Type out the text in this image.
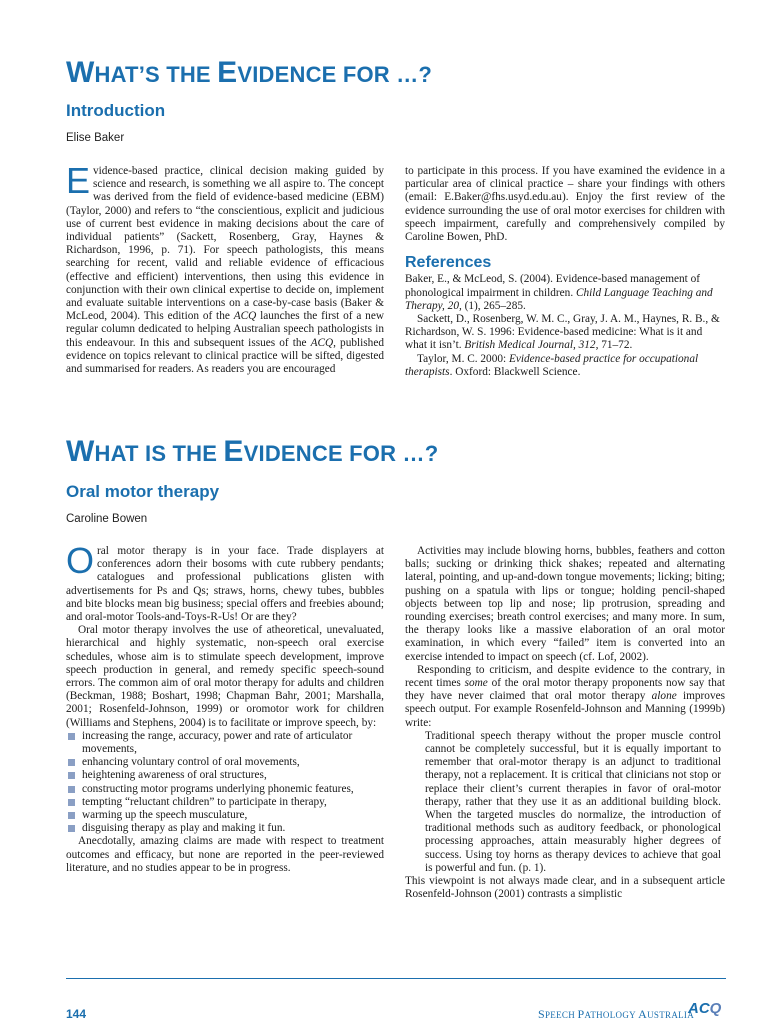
WHAT’S THE EVIDENCE FOR …?
Introduction
Elise Baker

Evidence-based practice, clinical decision making guided by science and research, is something we all aspire to. The concept was derived from the field of evidence-based medicine (EBM) (Taylor, 2000) and refers to “the conscientious, explicit and judicious use of current best evidence in making decisions about the care of individual patients” (Sackett, Rosenberg, Gray, Haynes & Richardson, 1996, p. 71). For speech pathologists, this means searching for recent, valid and reliable evidence of efficacious (effective and efficient) interventions, then using this evidence in conjunction with their own clinical expertise to decide on, implement and evaluate suitable interventions on a case-by-case basis (Baker & McLeod, 2004). This edition of the ACQ launches the first of a new regular column dedicated to helping Australian speech pathologists in this endeavour. In this and subsequent issues of the ACQ, published evidence on topics relevant to clinical practice will be sifted, digested and summarised for readers. As readers you are encouraged

to participate in this process. If you have examined the evidence in a particular area of clinical practice – share your findings with others (email: E.Baker@fhs.usyd.edu.au). Enjoy the first review of the evidence surrounding the use of oral motor exercises for children with speech impairment, carefully and comprehensively compiled by Caroline Bowen, PhD.

References

Baker, E., & McLeod, S. (2004). Evidence-based management of phonological impairment in children. Child Language Teaching and Therapy, 20, (1), 265–285.

Sackett, D., Rosenberg, W. M. C., Gray, J. A. M., Haynes, R. B., & Richardson, W. S. 1996: Evidence-based medicine: What is it and what it isn’t. British Medical Journal, 312, 71–72.

Taylor, M. C. 2000: Evidence-based practice for occupational therapists. Oxford: Blackwell Science.

WHAT IS THE EVIDENCE FOR …?
Oral motor therapy
Caroline Bowen

Oral motor therapy is in your face. Trade displayers at conferences adorn their bosoms with cute rubbery pendants; catalogues and professional publications glisten with advertisements for Ps and Qs; straws, horns, chewy tubes, bubbles and bite blocks mean big business; special offers and freebies abound; and oral-motor Tools-and-Toys-R-Us! Or are they?

Oral motor therapy involves the use of atheoretical, unevaluated, hierarchical and highly systematic, non-speech oral exercise schedules, whose aim is to stimulate speech development, improve speech production in general, and remedy specific speech-sound errors. The common aim of oral motor therapy for adults and children (Beckman, 1988; Boshart, 1998; Chapman Bahr, 2001; Marshalla, 2001; Rosenfeld-Johnson, 1999) or oromotor work for children (Williams and Stephens, 2004) is to facilitate or improve speech, by:

increasing the range, accuracy, power and rate of articulator movements,
enhancing voluntary control of oral movements,
heightening awareness of oral structures,
constructing motor programs underlying phonemic features,
tempting “reluctant children” to participate in therapy,
warming up the speech musculature,
disguising therapy as play and making it fun.

Anecdotally, amazing claims are made with respect to treatment outcomes and efficacy, but none are reported in the peer-reviewed literature, and no studies appear to be in progress.

Activities may include blowing horns, bubbles, feathers and cotton balls; sucking or drinking thick shakes; repeated and alternating lateral, pointing, and up-and-down tongue movements; licking; biting; pushing on a spatula with lips or tongue; holding pencil-shaped objects between top lip and nose; lip protrusion, spreading and rounding exercises; breath control exercises; and many more. In sum, the therapy looks like a massive elaboration of an oral motor examination, in which every “failed” item is converted into an exercise intended to impact on speech (cf. Lof, 2002).

Responding to criticism, and despite evidence to the contrary, in recent times some of the oral motor therapy proponents now say that they have never claimed that oral motor therapy alone improves speech output. For example Rosenfeld-Johnson and Manning (1999b) write:

Traditional speech therapy without the proper muscle control cannot be completely successful, but it is equally important to remember that oral-motor therapy is an adjunct to traditional therapy, not a replacement. It is critical that clinicians not stop or replace their client’s current therapies in favor of oral-motor therapy, rather that they use it as an additional building block. When the targeted muscles do normalize, the introduction of traditional methods such as auditory feedback, or phonological processing approaches, attain measurably higher degrees of success. Using toy horns as therapy devices to achieve that goal is powerful and fun. (p. 1).

This viewpoint is not always made clear, and in a subsequent article Rosenfeld-Johnson (2001) contrasts a simplistic

144	SPEECH PATHOLOGY AUSTRALIA
ACQ
